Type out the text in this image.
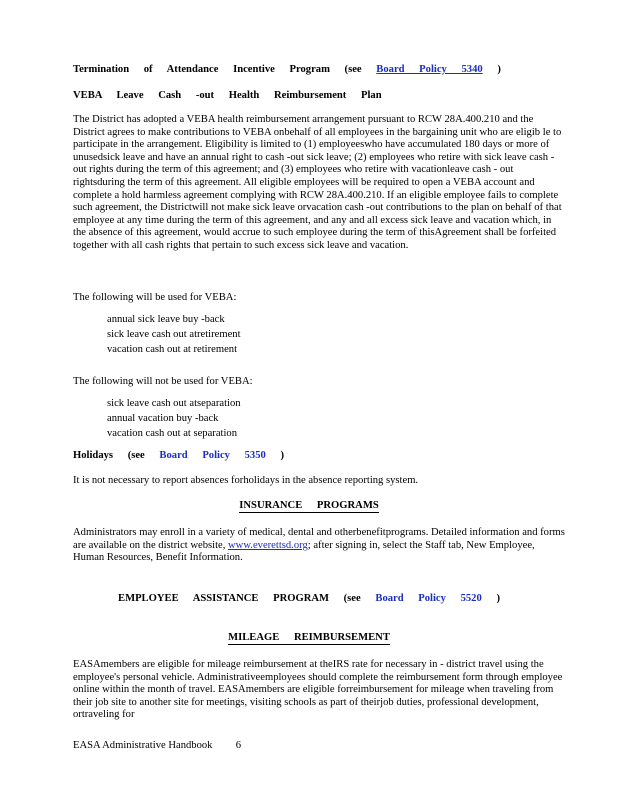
Termination of Attendance Incentive Program (see Board Policy 5340 )
VEBA Leave Cash -out Health Reimbursement Plan
The District has adopted a VEBA health reimbursement arrangement pursuant to RCW 28A.400.210 and the District agrees to make contributions to VEBA onbehalf of all employees in the bargaining unit who are eligib le to participate in the arrangement. Eligibility is limited to (1) employeeswho have accumulated 180 days or more of unusedsick leave and have an annual right to cash -out sick leave; (2) employees who retire with sick leave cash - out rights during the term of this agreement; and (3) employees who retire with vacationleave cash - out rightsduring the term of this agreement. All eligible employees will be required to open a VEBA account and complete a hold harmless agreement complying with RCW 28A.400.210. If an eligible employee fails to complete such agreement, the Districtwill not make sick leave orvacation cash -out contributions to the plan on behalf of that employee at any time during the term of this agreement, and any and all excess sick leave and vacation which, in the absence of this agreement, would accrue to such employee during the term of thisAgreement shall be forfeited together with all cash rights that pertain to such excess sick leave and vacation.
The following will be used for VEBA:
annual sick leave buy -back
sick leave cash out atretirement
vacation cash out at retirement
The following will not be used for VEBA:
sick leave cash out atseparation
annual vacation buy -back
vacation cash out at separation
Holidays (see Board Policy 5350 )
It is not necessary to report absences forholidays in the absence reporting system.
INSURANCE PROGRAMS
Administrators may enroll in a variety of medical, dental and otherbenefitprograms. Detailed information and forms are available on the district website, www.everettsd.org; after signing in, select the Staff tab, New Employee, Human Resources, Benefit Information.
EMPLOYEE ASSISTANCE PROGRAM (see Board Policy 5520 )
MILEAGE REIMBURSEMENT
EASAmembers are eligible for mileage reimbursement at theIRS rate for necessary in - district travel using the employee's personal vehicle. Administrativeemployees should complete the reimbursement form through employee online within the month of travel. EASAmembers are eligible forreimbursement for mileage when traveling from their job site to another site for meetings, visiting schools as part of theirjob duties, professional development, ortraveling for
EASA Administrative Handbook 6
